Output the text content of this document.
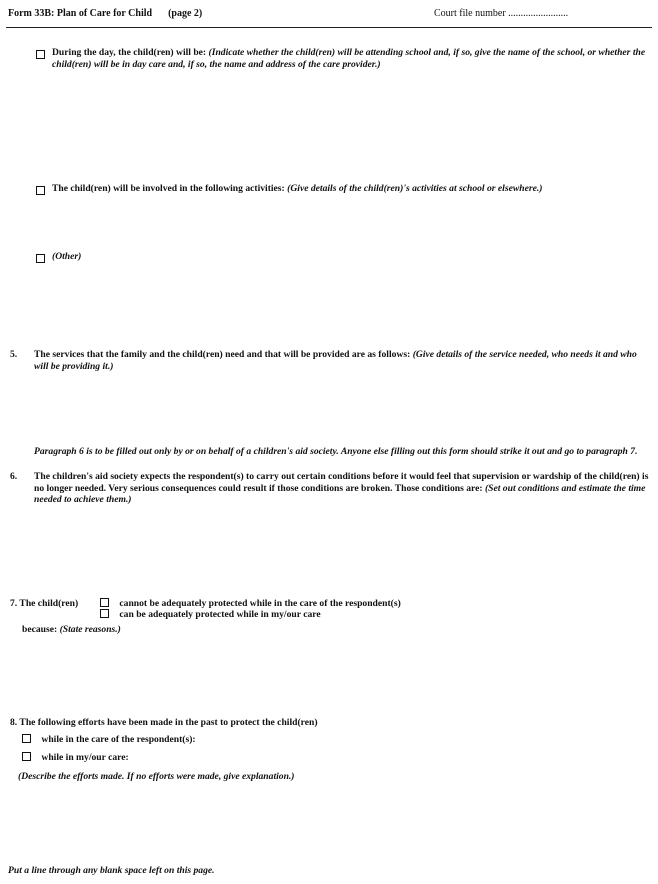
Form 33B: Plan of Care for Child (page 2)	Court file number ........................
During the day, the child(ren) will be: (Indicate whether the child(ren) will be attending school and, if so, give the name of the school, or whether the child(ren) will be in day care and, if so, the name and address of the care provider.)
The child(ren) will be involved in the following activities: (Give details of the child(ren)'s activities at school or elsewhere.)
(Other)
5. The services that the family and the child(ren) need and that will be provided are as follows: (Give details of the service needed, who needs it and who will be providing it.)
Paragraph 6 is to be filled out only by or on behalf of a children's aid society. Anyone else filling out this form should strike it out and go to paragraph 7.
6. The children's aid society expects the respondent(s) to carry out certain conditions before it would feel that supervision or wardship of the child(ren) is no longer needed. Very serious consequences could result if those conditions are broken. Those conditions are: (Set out conditions and estimate the time needed to achieve them.)
7. The child(ren)	cannot be adequately protected while in the care of the respondent(s)
can be adequately protected while in my/our care
because: (State reasons.)
8. The following efforts have been made in the past to protect the child(ren)
while in the care of the respondent(s):
while in my/our care:
(Describe the efforts made. If no efforts were made, give explanation.)
Put a line through any blank space left on this page.
